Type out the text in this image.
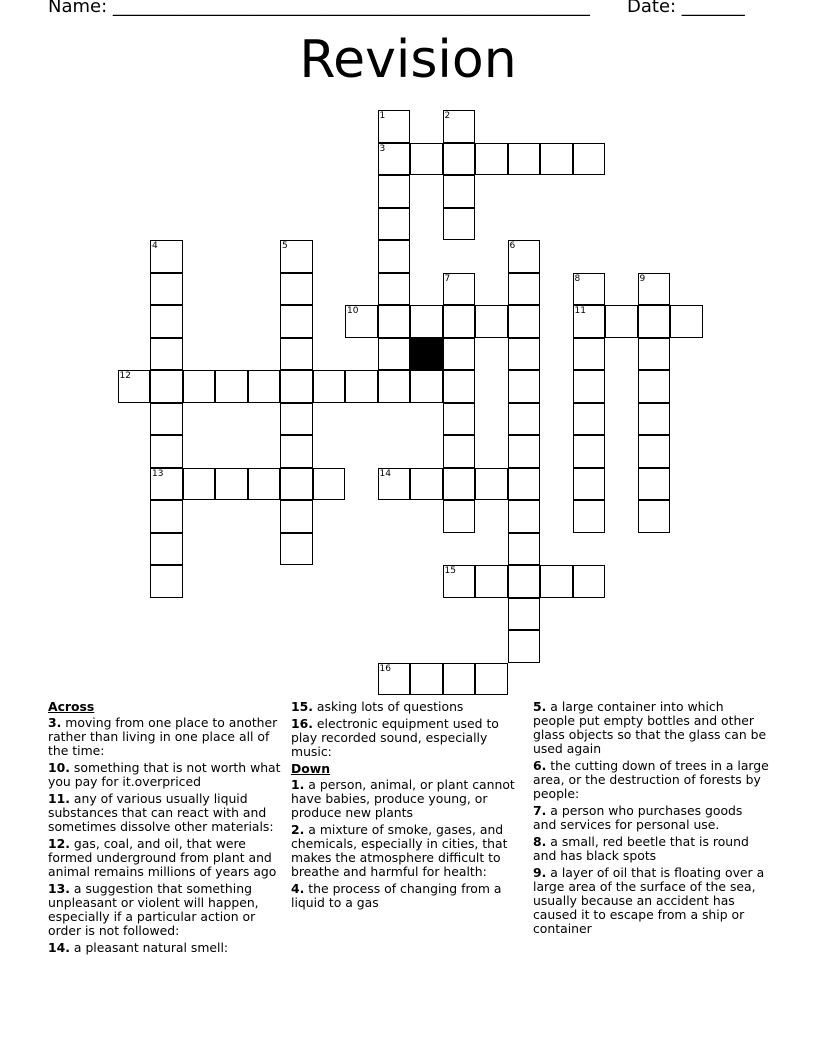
Name: _____________________________________________________ Date: _______
Revision
1	2
3
4	5	6
7	8	9
10	11
12
13	14
15
16
Across
3. moving from one place to another rather than living in one place all of the time:
10. something that is not worth what you pay for it.overpriced
11. any of various usually liquid substances that can react with and sometimes dissolve other materials:
12. gas, coal, and oil, that were formed underground from plant and animal remains millions of years ago
13. a suggestion that something unpleasant or violent will happen, especially if a particular action or order is not followed:
14. a pleasant natural smell:
15. asking lots of questions
16. electronic equipment used to play recorded sound, especially music:
Down
1. a person, animal, or plant cannot have babies, produce young, or produce new plants
2. a mixture of smoke, gases, and chemicals, especially in cities, that makes the atmosphere difficult to breathe and harmful for health:
4. the process of changing from a liquid to a gas
5. a large container into which people put empty bottles and other glass objects so that the glass can be used again
6. the cutting down of trees in a large area, or the destruction of forests by people:
7. a person who purchases goods and services for personal use.
8. a small, red beetle that is round and has black spots
9. a layer of oil that is floating over a large area of the surface of the sea, usually because an accident has caused it to escape from a ship or container
